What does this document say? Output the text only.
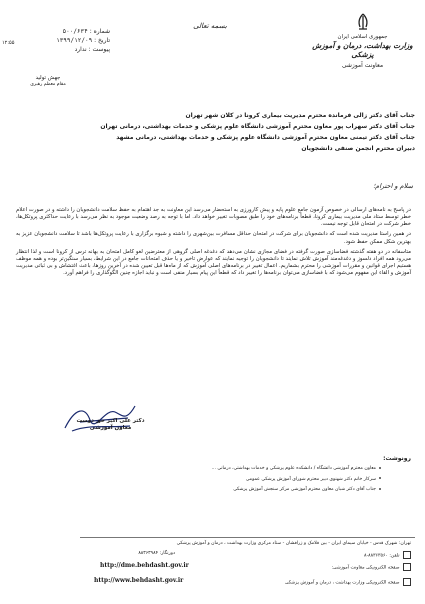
جمهوری اسلامی ایران
وزارت بهداشت، درمان و آموزش پزشکی
معاونت آموزشی
بسمه تعالی
۱۲:۵۵
شماره : ۵۰۰/۶۳۴
تاریخ : ۱۳۹۹/۱۲/۰۹
پیوست : ندارد
جهش تولید
مقام معظم رهبری
جناب آقای دکتر زالی فرمانده محترم مدیریت بیماری کرونا در کلان شهر تهران
جناب آقای دکتر سهراب پور معاون محترم آموزشی دانشگاه علوم پزشکی و خدمات بهداشتی، درمانی تهران
جناب آقای دکتر تیمنی معاون محترم آموزشی دانشگاه علوم پزشکی و خدمات بهداشتی، درمانی مشهد
دبیران محترم انجمن صنفی دانشجویان
سلام و احترام؛
در پاسخ به نامه‌های ارسالی در خصوص آزمون جامع علوم پایه و پیش کارورزی به استحضار می‌رسد این معاونت به جد اهتمام به حفظ سلامت دانشجویان را داشته و در صورت اعلام خطر توسط ستاد ملی مدیریت بیماری کرونا، قطعاً برنامه‌های خود را طبق مصوبات تغییر خواهد داد. اما با توجه به رصد وضعیت موجود به نظر می‌رسد با رعایت حداکثری پروتکل‌ها، خطر شرکت در امتحان قابل توجه نیست.
در همین راستا مدیریت شده است که دانشجویان برای شرکت در امتحان حداقل مسافرت بین‌شهری را داشته و شیوه برگزاری با رعایت پروتکل‌ها باشد تا سلامت دانشجویان عزیز به بهترین شکل ممکن حفظ شود.
متاسفانه در دو هفته گذشته فضاسازی صورت گرفته در فضای مجازی نشان می‌دهد که دغدغه اصلی گروهی از معترضین لغو کامل امتحان به بهانه ترس از کرونا است و لذا انتظار می‌رود همه افراد دلسوز و دغدغه‌مند آموزش تلاش نمایند تا دانشجویان را توجیه نمایند که عوارض تاخیر و یا حذف امتحانات جامع در این شرایط، بسیار سنگین‌تر بوده و همه موظف هستیم اجرای قوانین و مقررات آموزشی را محترم بشماریم. اعمال تغییر در برنامه‌های اصلی آموزش که از ماه‌ها قبل تعیین شده در آخرین روزها، باعث اغتشاش و بی ثباتی مدیریت آموزش و القاء این مفهوم می‌شود که با فضاسازی می‌توان برنامه‌ها را تغییر داد که قطعاً این پیام بسیار منفی است و نباید اجازه چنین الگوگذاری را فراهم آورد.
دکتر علی اکبر حق دوست
معاون آموزشی
رونوشت:
معاون محترم آموزشی دانشگاه / دانشکده علوم پزشکی و خدمات بهداشتی، درمانی ...
سرکار خانم دکتر شهنوی دبیر محترم شورای آموزش پزشکی عمومی
جناب آقای دکتر شبان معاون محترم آموزشی مرکز سنجش آموزش پزشکی
تهران: شهرک قدس - خیابان سیمای ایران - بین فلامک و زرافشان - ستاد مرکزی وزارت بهداشت ، درمان و آموزش پزشکی
تلفن: ۸۸۳۶۳۵۶۰-۸
دورنگار: ۸۸۳۶۳۹۸۴
صفحه الکترونیکی معاونت آموزشی:
http://dme.behdasht.gov.ir
صفحه الکترونیکی وزارت بهداشت ، درمان و آموزش پزشکی
http://www.behdasht.gov.ir
